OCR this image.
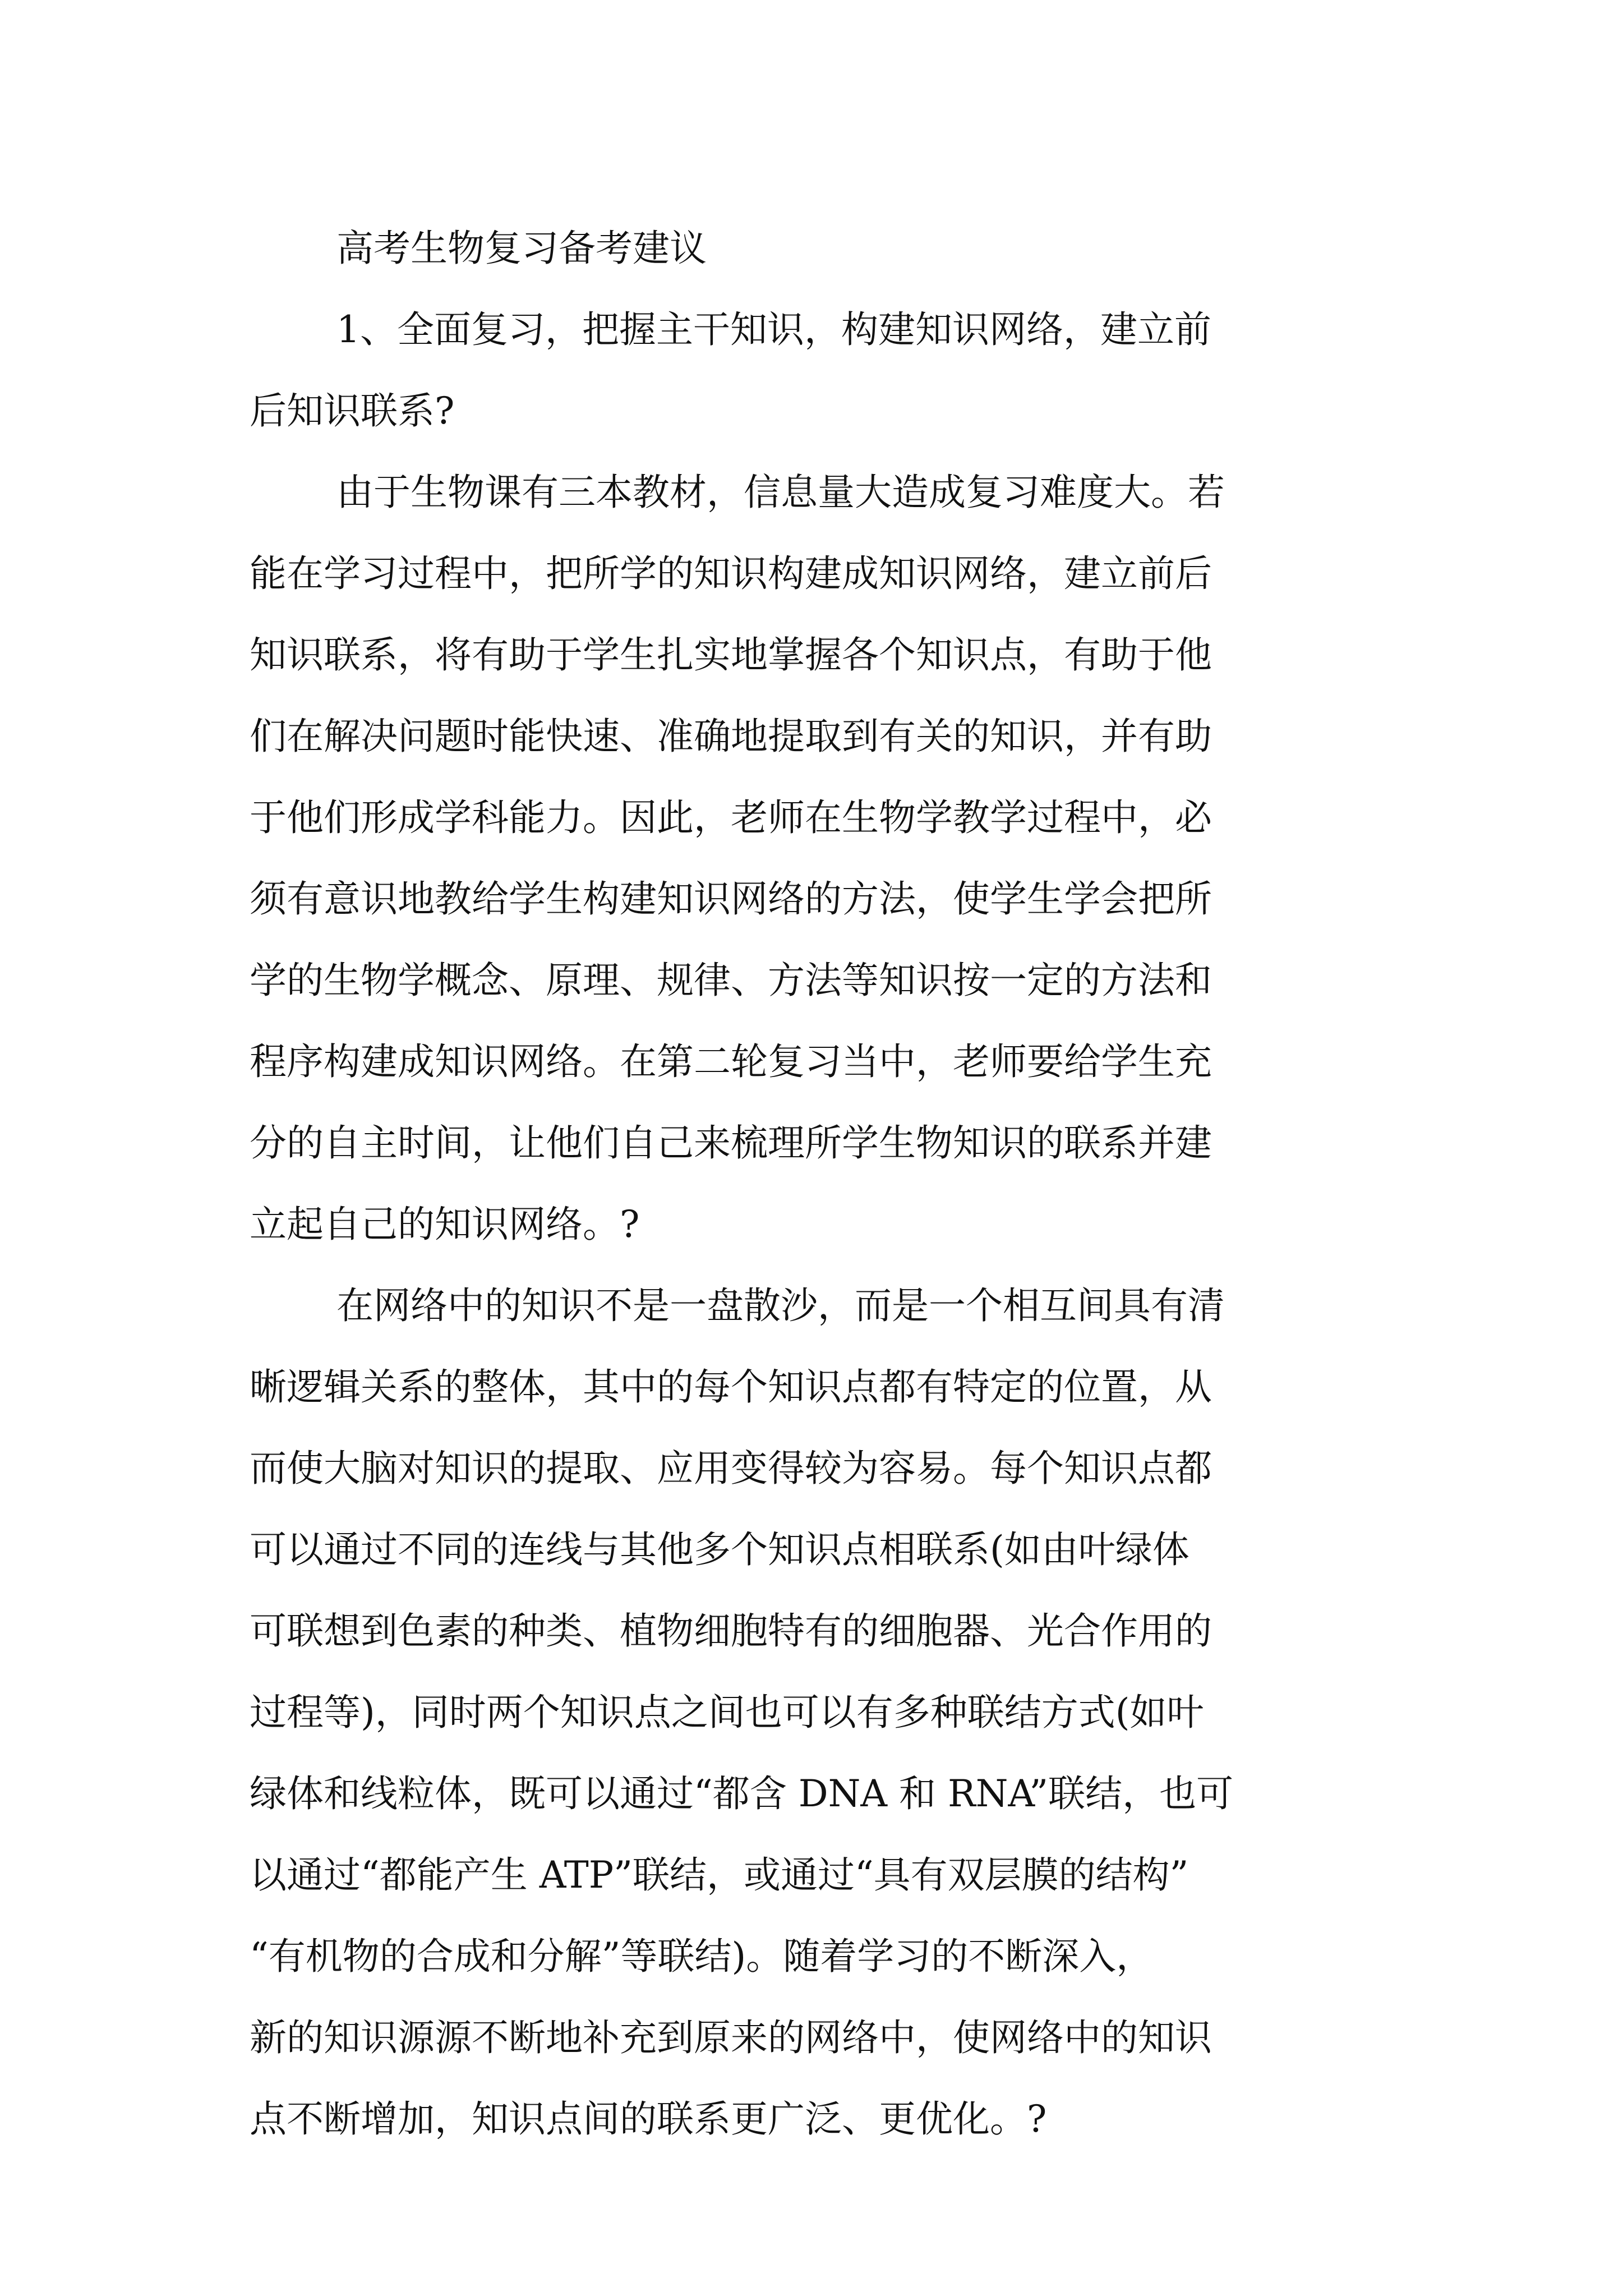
高考生物复习备考建议
1、全面复习，把握主干知识，构建知识网络，建立前
后知识联系?
由于生物课有三本教材，信息量大造成复习难度大。若
能在学习过程中，把所学的知识构建成知识网络，建立前后
知识联系，将有助于学生扎实地掌握各个知识点，有助于他
们在解决问题时能快速、准确地提取到有关的知识，并有助
于他们形成学科能力。因此，老师在生物学教学过程中，必
须有意识地教给学生构建知识网络的方法，使学生学会把所
学的生物学概念、原理、规律、方法等知识按一定的方法和
程序构建成知识网络。在第二轮复习当中，老师要给学生充
分的自主时间，让他们自己来梳理所学生物知识的联系并建
立起自己的知识网络。?
在网络中的知识不是一盘散沙，而是一个相互间具有清
晰逻辑关系的整体，其中的每个知识点都有特定的位置，从
而使大脑对知识的提取、应用变得较为容易。每个知识点都
可以通过不同的连线与其他多个知识点相联系(如由叶绿体
可联想到色素的种类、植物细胞特有的细胞器、光合作用的
过程等)，同时两个知识点之间也可以有多种联结方式(如叶
绿体和线粒体，既可以通过“都含 DNA 和 RNA”联结，也可
以通过“都能产生 ATP”联结，或通过“具有双层膜的结构”
“有机物的合成和分解”等联结)。随着学习的不断深入，
新的知识源源不断地补充到原来的网络中，使网络中的知识
点不断增加，知识点间的联系更广泛、更优化。?
